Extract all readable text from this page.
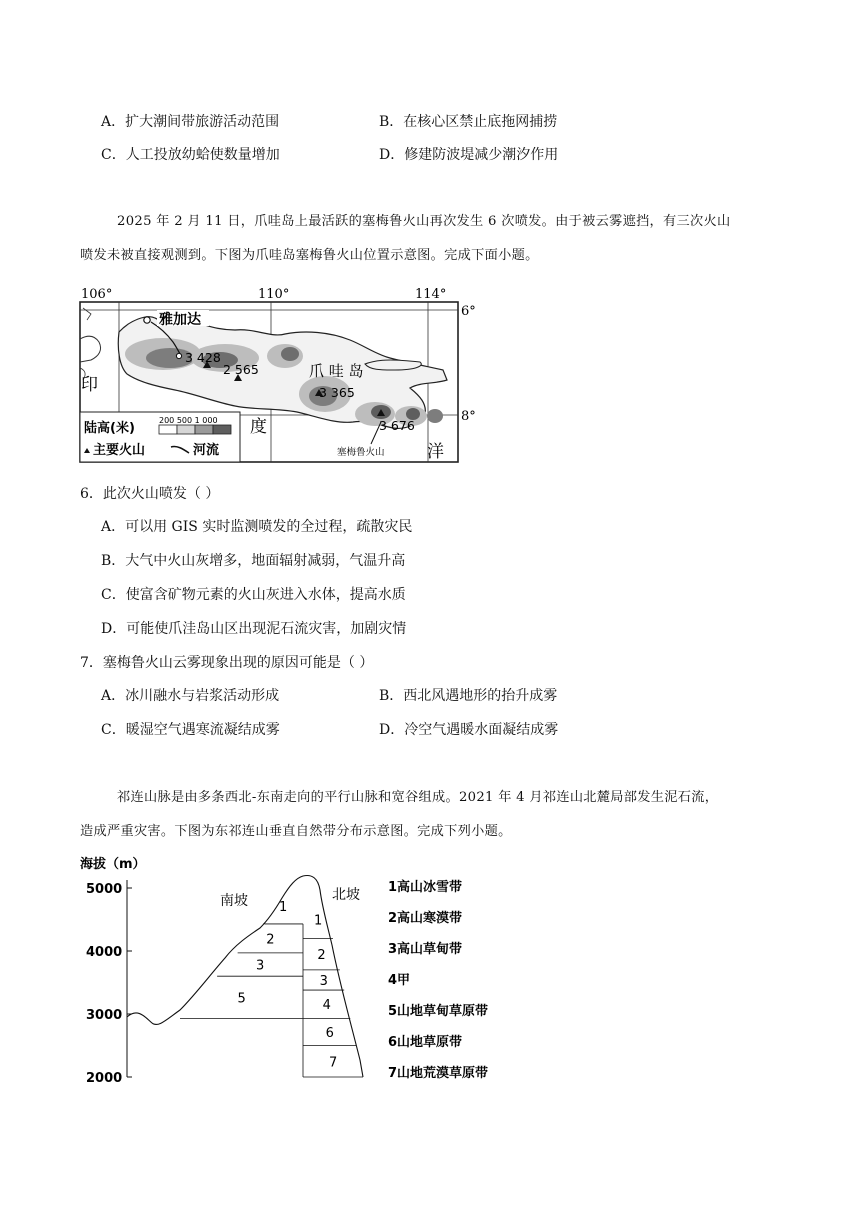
A．扩大潮间带旅游活动范围	B．在核心区禁止底拖网捕捞
C．人工投放幼蛤使数量增加	D．修建防波堤减少潮汐作用
2025 年 2 月 11 日，爪哇岛上最活跃的塞梅鲁火山再次发生 6 次喷发。由于被云雾遮挡，有三次火山
喷发未被直接观测到。下图为爪哇岛塞梅鲁火山位置示意图。完成下面小题。
106°	110°	114°
6°
8°
雅加达
3 428
2 565
3 365
3 676
爪 哇 岛
印
度
洋
塞梅鲁火山
陆高(米)
200 500 1 000
主要火山	河流
6．此次火山喷发（ ）
A．可以用 GIS 实时监测喷发的全过程，疏散灾民
B．大气中火山灰增多，地面辐射减弱，气温升高
C．使富含矿物元素的火山灰进入水体，提高水质
D．可能使爪洼岛山区出现泥石流灾害，加剧灾情
7．塞梅鲁火山云雾现象出现的原因可能是（ ）
A．冰川融水与岩浆活动形成	B．西北风遇地形的抬升成雾
C．暖湿空气遇寒流凝结成雾	D．冷空气遇暖水面凝结成雾
祁连山脉是由多条西北-东南走向的平行山脉和宽谷组成。2021 年 4 月祁连山北麓局部发生泥石流，
造成严重灾害。下图为东祁连山垂直自然带分布示意图。完成下列小题。
海拔（m）
5000
4000
3000
2000
南坡	北坡
1
2
3
5
1
2
3
4
6
7
1高山冰雪带
2高山寒漠带
3高山草甸带
4甲
5山地草甸草原带
6山地草原带
7山地荒漠草原带
